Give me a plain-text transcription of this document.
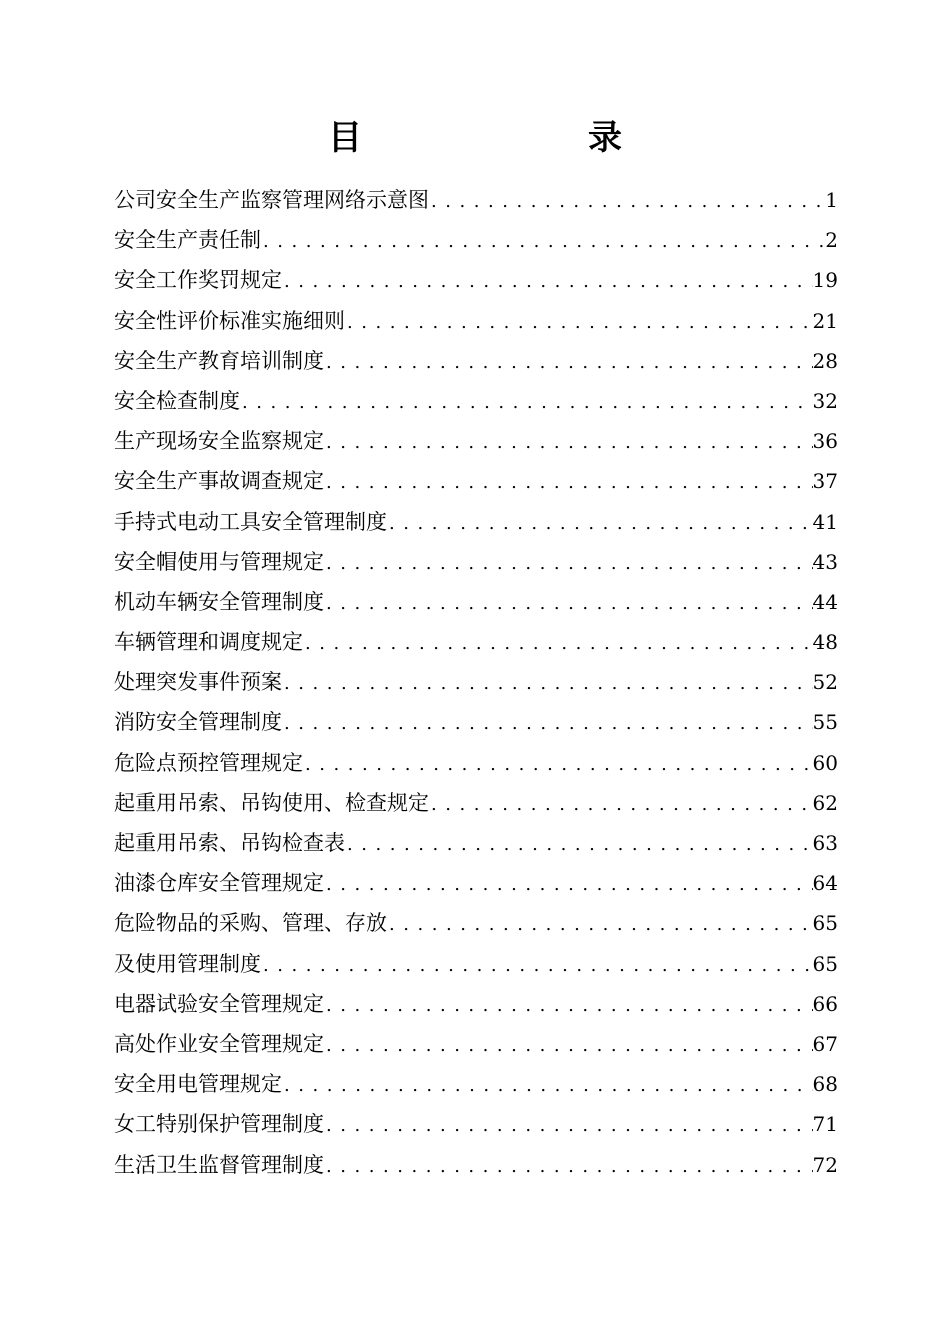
目　录
公司安全生产监察管理网络示意图 . . .	1
安全生产责任制 . . .	2
安全工作奖罚规定 . . .	19
安全性评价标准实施细则 . . .	21
安全生产教育培训制度 . . .	28
安全检查制度 . . .	32
生产现场安全监察规定 . . .	36
安全生产事故调查规定 . . .	37
手持式电动工具安全管理制度 . . .	41
安全帽使用与管理规定 . . .	43
机动车辆安全管理制度 . . .	44
车辆管理和调度规定 . . .	48
处理突发事件预案 . . .	52
消防安全管理制度 . . .	55
危险点预控管理规定 . . .	60
起重用吊索、吊钩使用、检查规定 . . .	62
起重用吊索、吊钩检查表 . . .	63
油漆仓库安全管理规定 . . .	64
危险物品的采购、管理、存放 . . .	65
及使用管理制度 . . .	65
电器试验安全管理规定 . . .	66
高处作业安全管理规定 . . .	67
安全用电管理规定 . . .	68
女工特别保护管理制度 . . .	71
生活卫生监督管理制度 . . .	72
